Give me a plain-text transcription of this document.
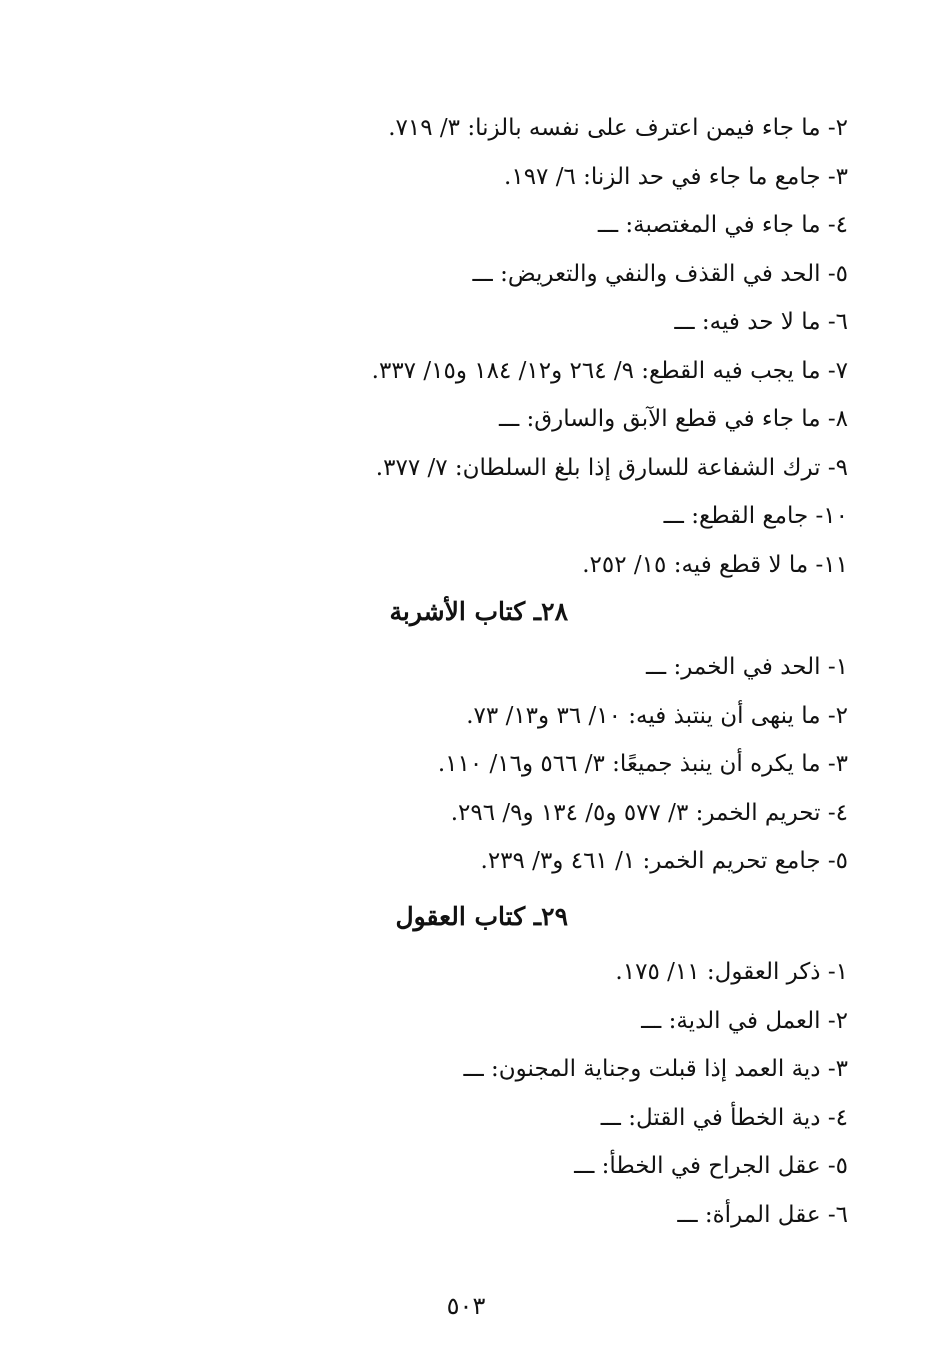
٢- ما جاء فيمن اعترف على نفسه بالزنا: ٣/ ٧١٩.
٣- جامع ما جاء في حد الزنا: ٦/ ١٩٧.
٤- ما جاء في المغتصبة: ـــ
٥- الحد في القذف والنفي والتعريض: ـــ
٦- ما لا حد فيه: ـــ
٧- ما يجب فيه القطع: ٩/ ٢٦٤ و١٢/ ١٨٤ و١٥/ ٣٣٧.
٨- ما جاء في قطع الآبق والسارق: ـــ
٩- ترك الشفاعة للسارق إذا بلغ السلطان: ٧/ ٣٧٧.
١٠- جامع القطع: ـــ
١١- ما لا قطع فيه: ١٥/ ٢٥٢.
٢٨ـ كتاب الأشربة
١- الحد في الخمر: ـــ
٢- ما ينهى أن ينتبذ فيه: ١٠/ ٣٦ و١٣/ ٧٣.
٣- ما يكره أن ينبذ جميعًا: ٣/ ٥٦٦ و١٦/ ١١٠.
٤- تحريم الخمر: ٣/ ٥٧٧ و٥/ ١٣٤ و٩/ ٢٩٦.
٥- جامع تحريم الخمر: ١/ ٤٦١ و٣/ ٢٣٩.
٢٩ـ كتاب العقول
١- ذكر العقول: ١١/ ١٧٥.
٢- العمل في الدية: ـــ
٣- دية العمد إذا قبلت وجناية المجنون: ـــ
٤- دية الخطأ في القتل: ـــ
٥- عقل الجراح في الخطأ: ـــ
٦- عقل المرأة: ـــ
٥٠٣
